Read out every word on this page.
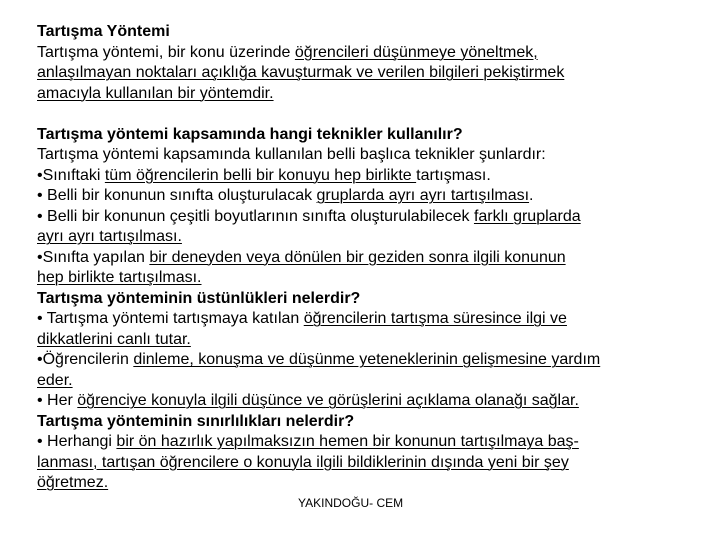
Tartışma Yöntemi
Tartışma yöntemi, bir konu üzerinde öğrencileri düşünmeye yöneltmek,
anlaşılmayan noktaları açıklığa kavuşturmak ve verilen bilgileri pekiştirmek
amacıyla kullanılan bir yöntemdir.
Tartışma yöntemi kapsamında hangi teknikler kullanılır?
Tartışma yöntemi kapsamında kullanılan belli başlıca teknikler şunlardır:
•Sınıftaki tüm öğrencilerin belli bir konuyu hep birlikte tartışması.
• Belli bir konunun sınıfta oluşturulacak gruplarda ayrı ayrı tartışılması.
• Belli bir konunun çeşitli boyutlarının sınıfta oluşturulabilecek farklı gruplarda
ayrı ayrı tartışılması.
•Sınıfta yapılan bir deneyden veya dönülen bir geziden sonra ilgili konunun
hep birlikte tartışılması.
Tartışma yönteminin üstünlükleri nelerdir?
• Tartışma yöntemi tartışmaya katılan öğrencilerin tartışma süresince ilgi ve
dikkatlerini canlı tutar.
•Öğrencilerin dinleme, konuşma ve düşünme yeteneklerinin gelişmesine yardım
eder.
• Her öğrenciye konuyla ilgili düşünce ve görüşlerini açıklama olanağı sağlar.
Tartışma yönteminin sınırlılıkları nelerdir?
• Herhangi bir ön hazırlık yapılmaksızın hemen bir konunun tartışılmaya baş-
lanması, tartışan öğrencilere o konuyla ilgili bildiklerinin dışında yeni bir şey
öğretmez.
YAKINDOĞU- CEM
